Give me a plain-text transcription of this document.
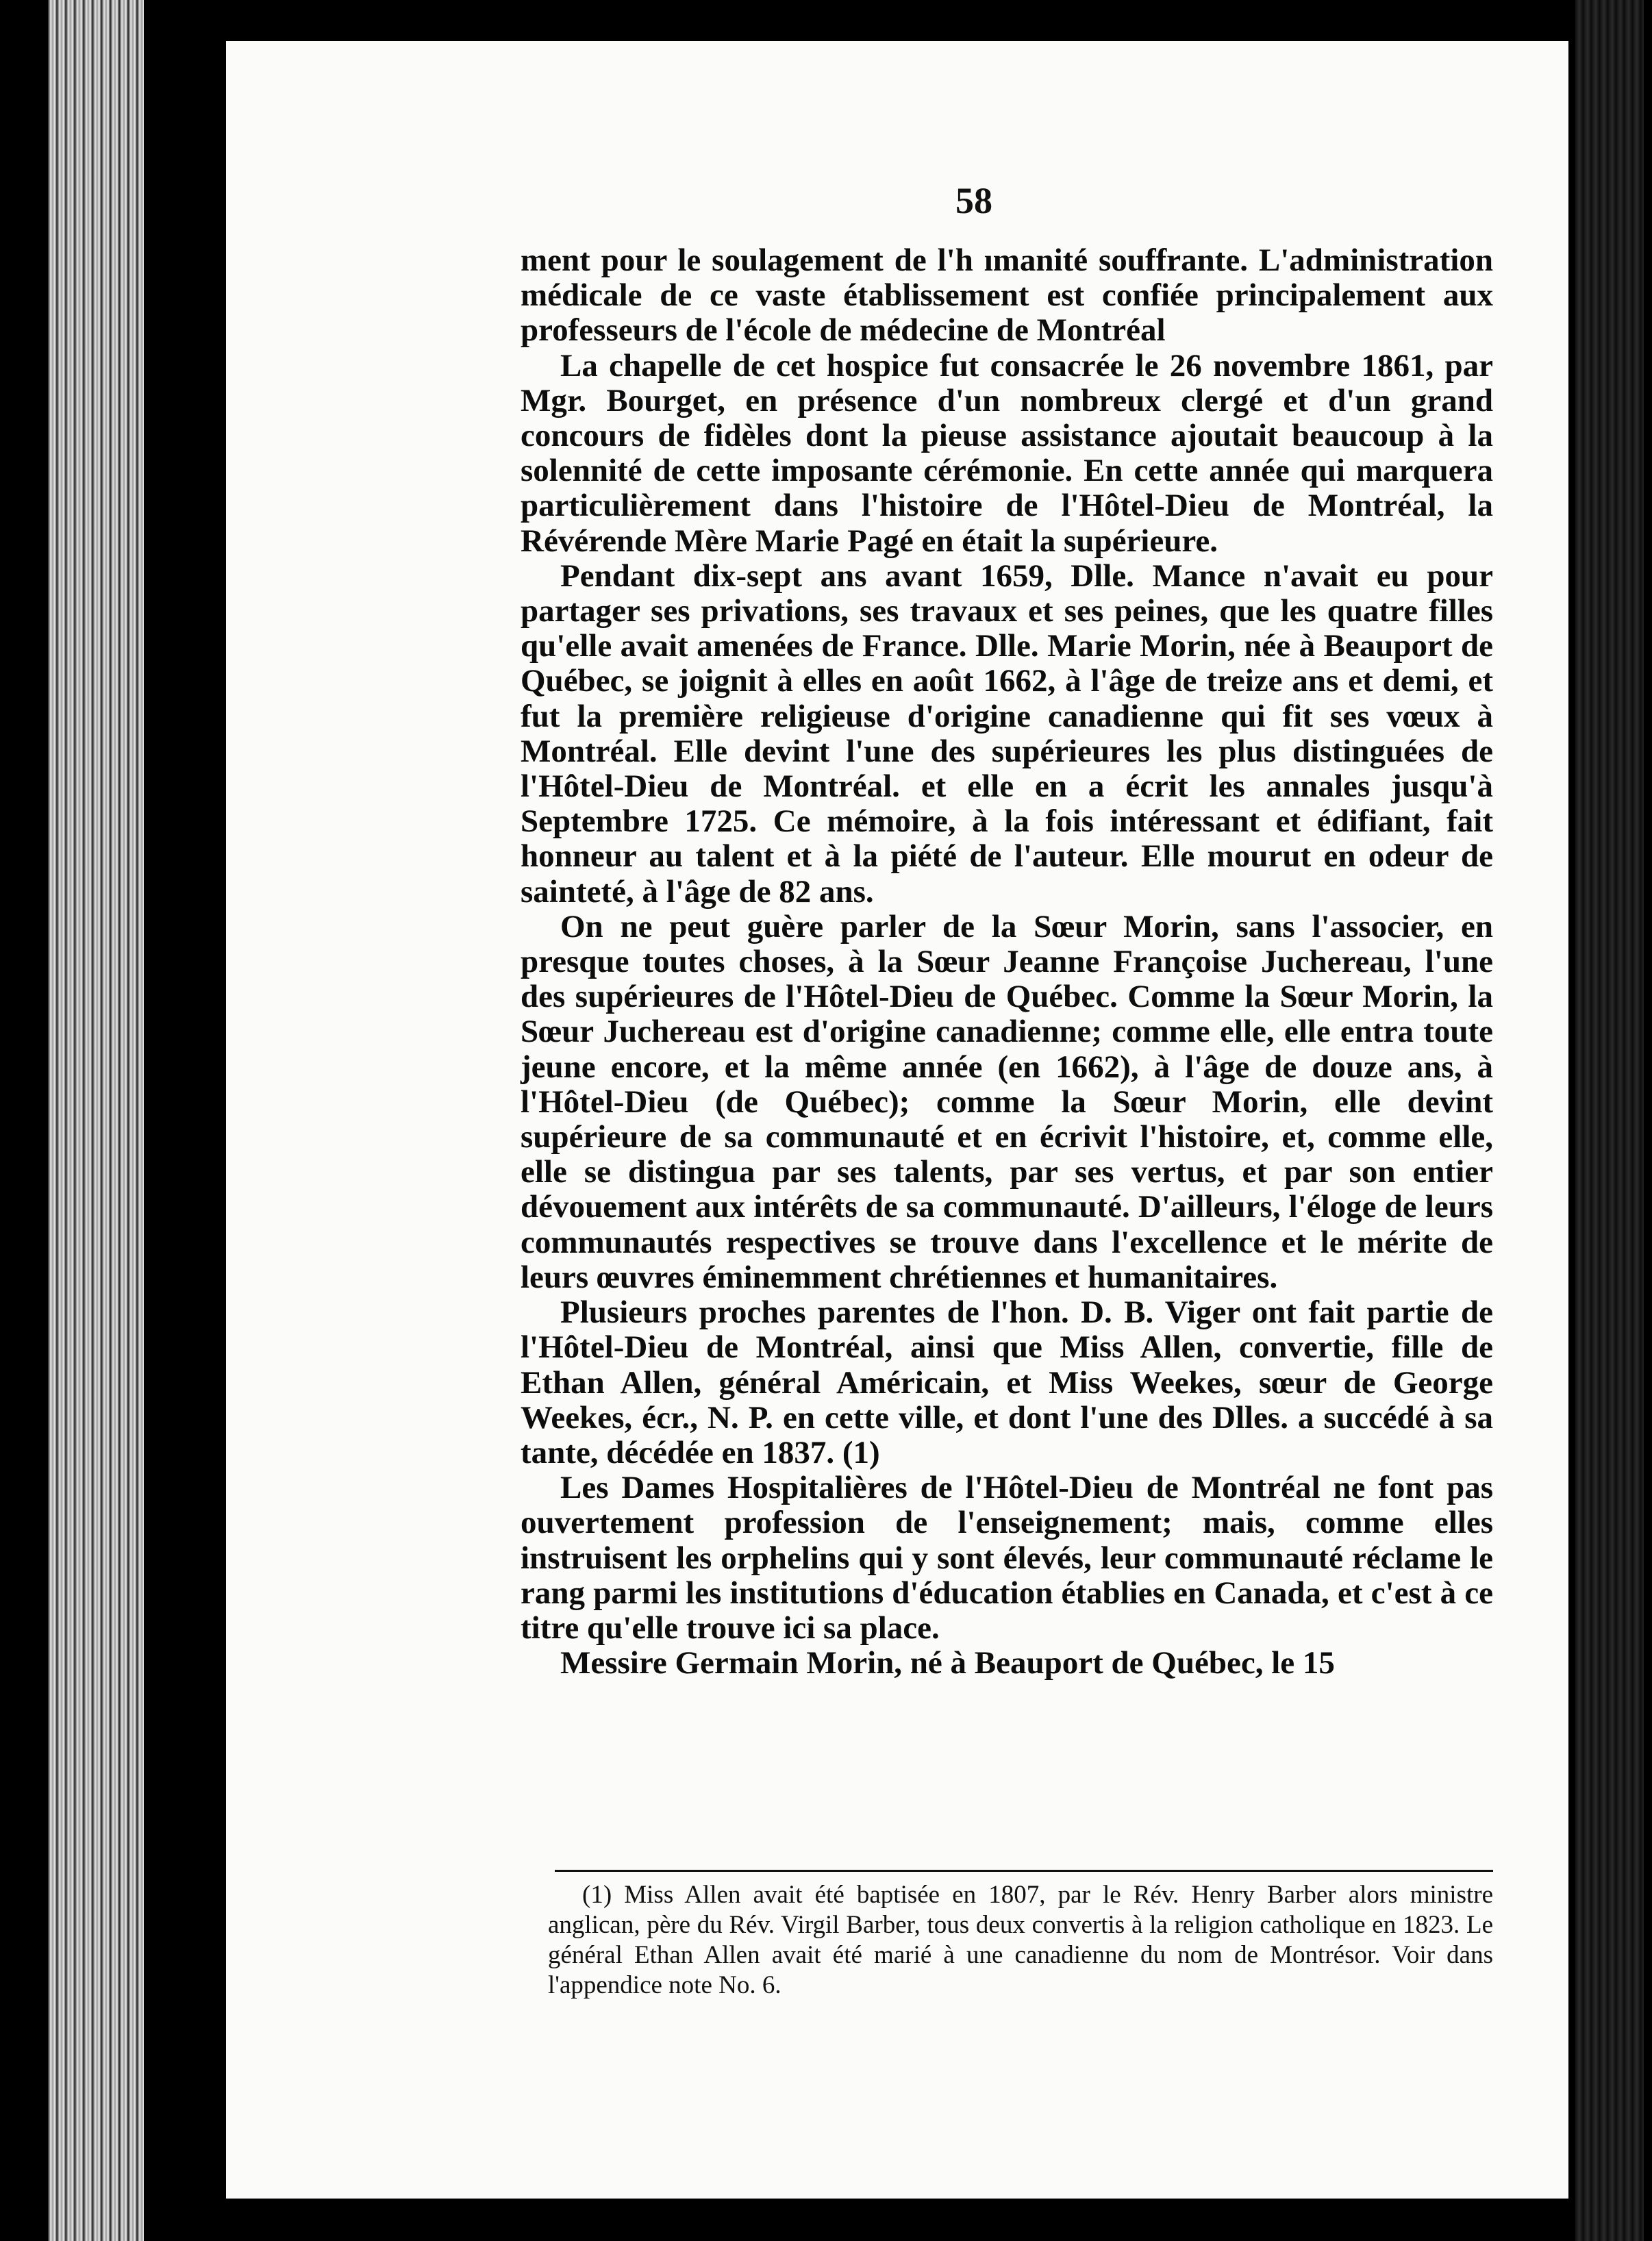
58

ment pour le soulagement de l'h ımanité souffrante. L'administration médicale de ce vaste établissement est confiée principalement aux professeurs de l'école de médecine de Montréal

La chapelle de cet hospice fut consacrée le 26 novembre 1861, par Mgr. Bourget, en présence d'un nombreux clergé et d'un grand concours de fidèles dont la pieuse assistance ajoutait beaucoup à la solennité de cette imposante cérémonie. En cette année qui marquera particulièrement dans l'histoire de l'Hôtel-Dieu de Montréal, la Révérende Mère Marie Pagé en était la supérieure.

Pendant dix-sept ans avant 1659, Dlle. Mance n'avait eu pour partager ses privations, ses travaux et ses peines, que les quatre filles qu'elle avait amenées de France. Dlle. Marie Morin, née à Beauport de Québec, se joignit à elles en août 1662, à l'âge de treize ans et demi, et fut la première religieuse d'origine canadienne qui fit ses vœux à Montréal. Elle devint l'une des supérieures les plus distinguées de l'Hôtel-Dieu de Montréal. et elle en a écrit les annales jusqu'à Septembre 1725. Ce mémoire, à la fois intéressant et édifiant, fait honneur au talent et à la piété de l'auteur. Elle mourut en odeur de sainteté, à l'âge de 82 ans.

On ne peut guère parler de la Sœur Morin, sans l'associer, en presque toutes choses, à la Sœur Jeanne Françoise Juchereau, l'une des supérieures de l'Hôtel-Dieu de Québec. Comme la Sœur Morin, la Sœur Juchereau est d'origine canadienne; comme elle, elle entra toute jeune encore, et la même année (en 1662), à l'âge de douze ans, à l'Hôtel-Dieu (de Québec); comme la Sœur Morin, elle devint supérieure de sa communauté et en écrivit l'histoire, et, comme elle, elle se distingua par ses talents, par ses vertus, et par son entier dévouement aux intérêts de sa communauté. D'ailleurs, l'éloge de leurs communautés respectives se trouve dans l'excellence et le mérite de leurs œuvres éminemment chrétiennes et humanitaires.

Plusieurs proches parentes de l'hon. D. B. Viger ont fait partie de l'Hôtel-Dieu de Montréal, ainsi que Miss Allen, convertie, fille de Ethan Allen, général Américain, et Miss Weekes, sœur de George Weekes, écr., N. P. en cette ville, et dont l'une des Dlles. a succédé à sa tante, décédée en 1837. (1)

Les Dames Hospitalières de l'Hôtel-Dieu de Montréal ne font pas ouvertement profession de l'enseignement; mais, comme elles instruisent les orphelins qui y sont élevés, leur communauté réclame le rang parmi les institutions d'éducation établies en Canada, et c'est à ce titre qu'elle trouve ici sa place.

Messire Germain Morin, né à Beauport de Québec, le 15

(1) Miss Allen avait été baptisée en 1807, par le Rév. Henry Barber alors ministre anglican, père du Rév. Virgil Barber, tous deux convertis à la religion catholique en 1823. Le général Ethan Allen avait été marié à une canadienne du nom de Montrésor. Voir dans l'appendice note No. 6.
